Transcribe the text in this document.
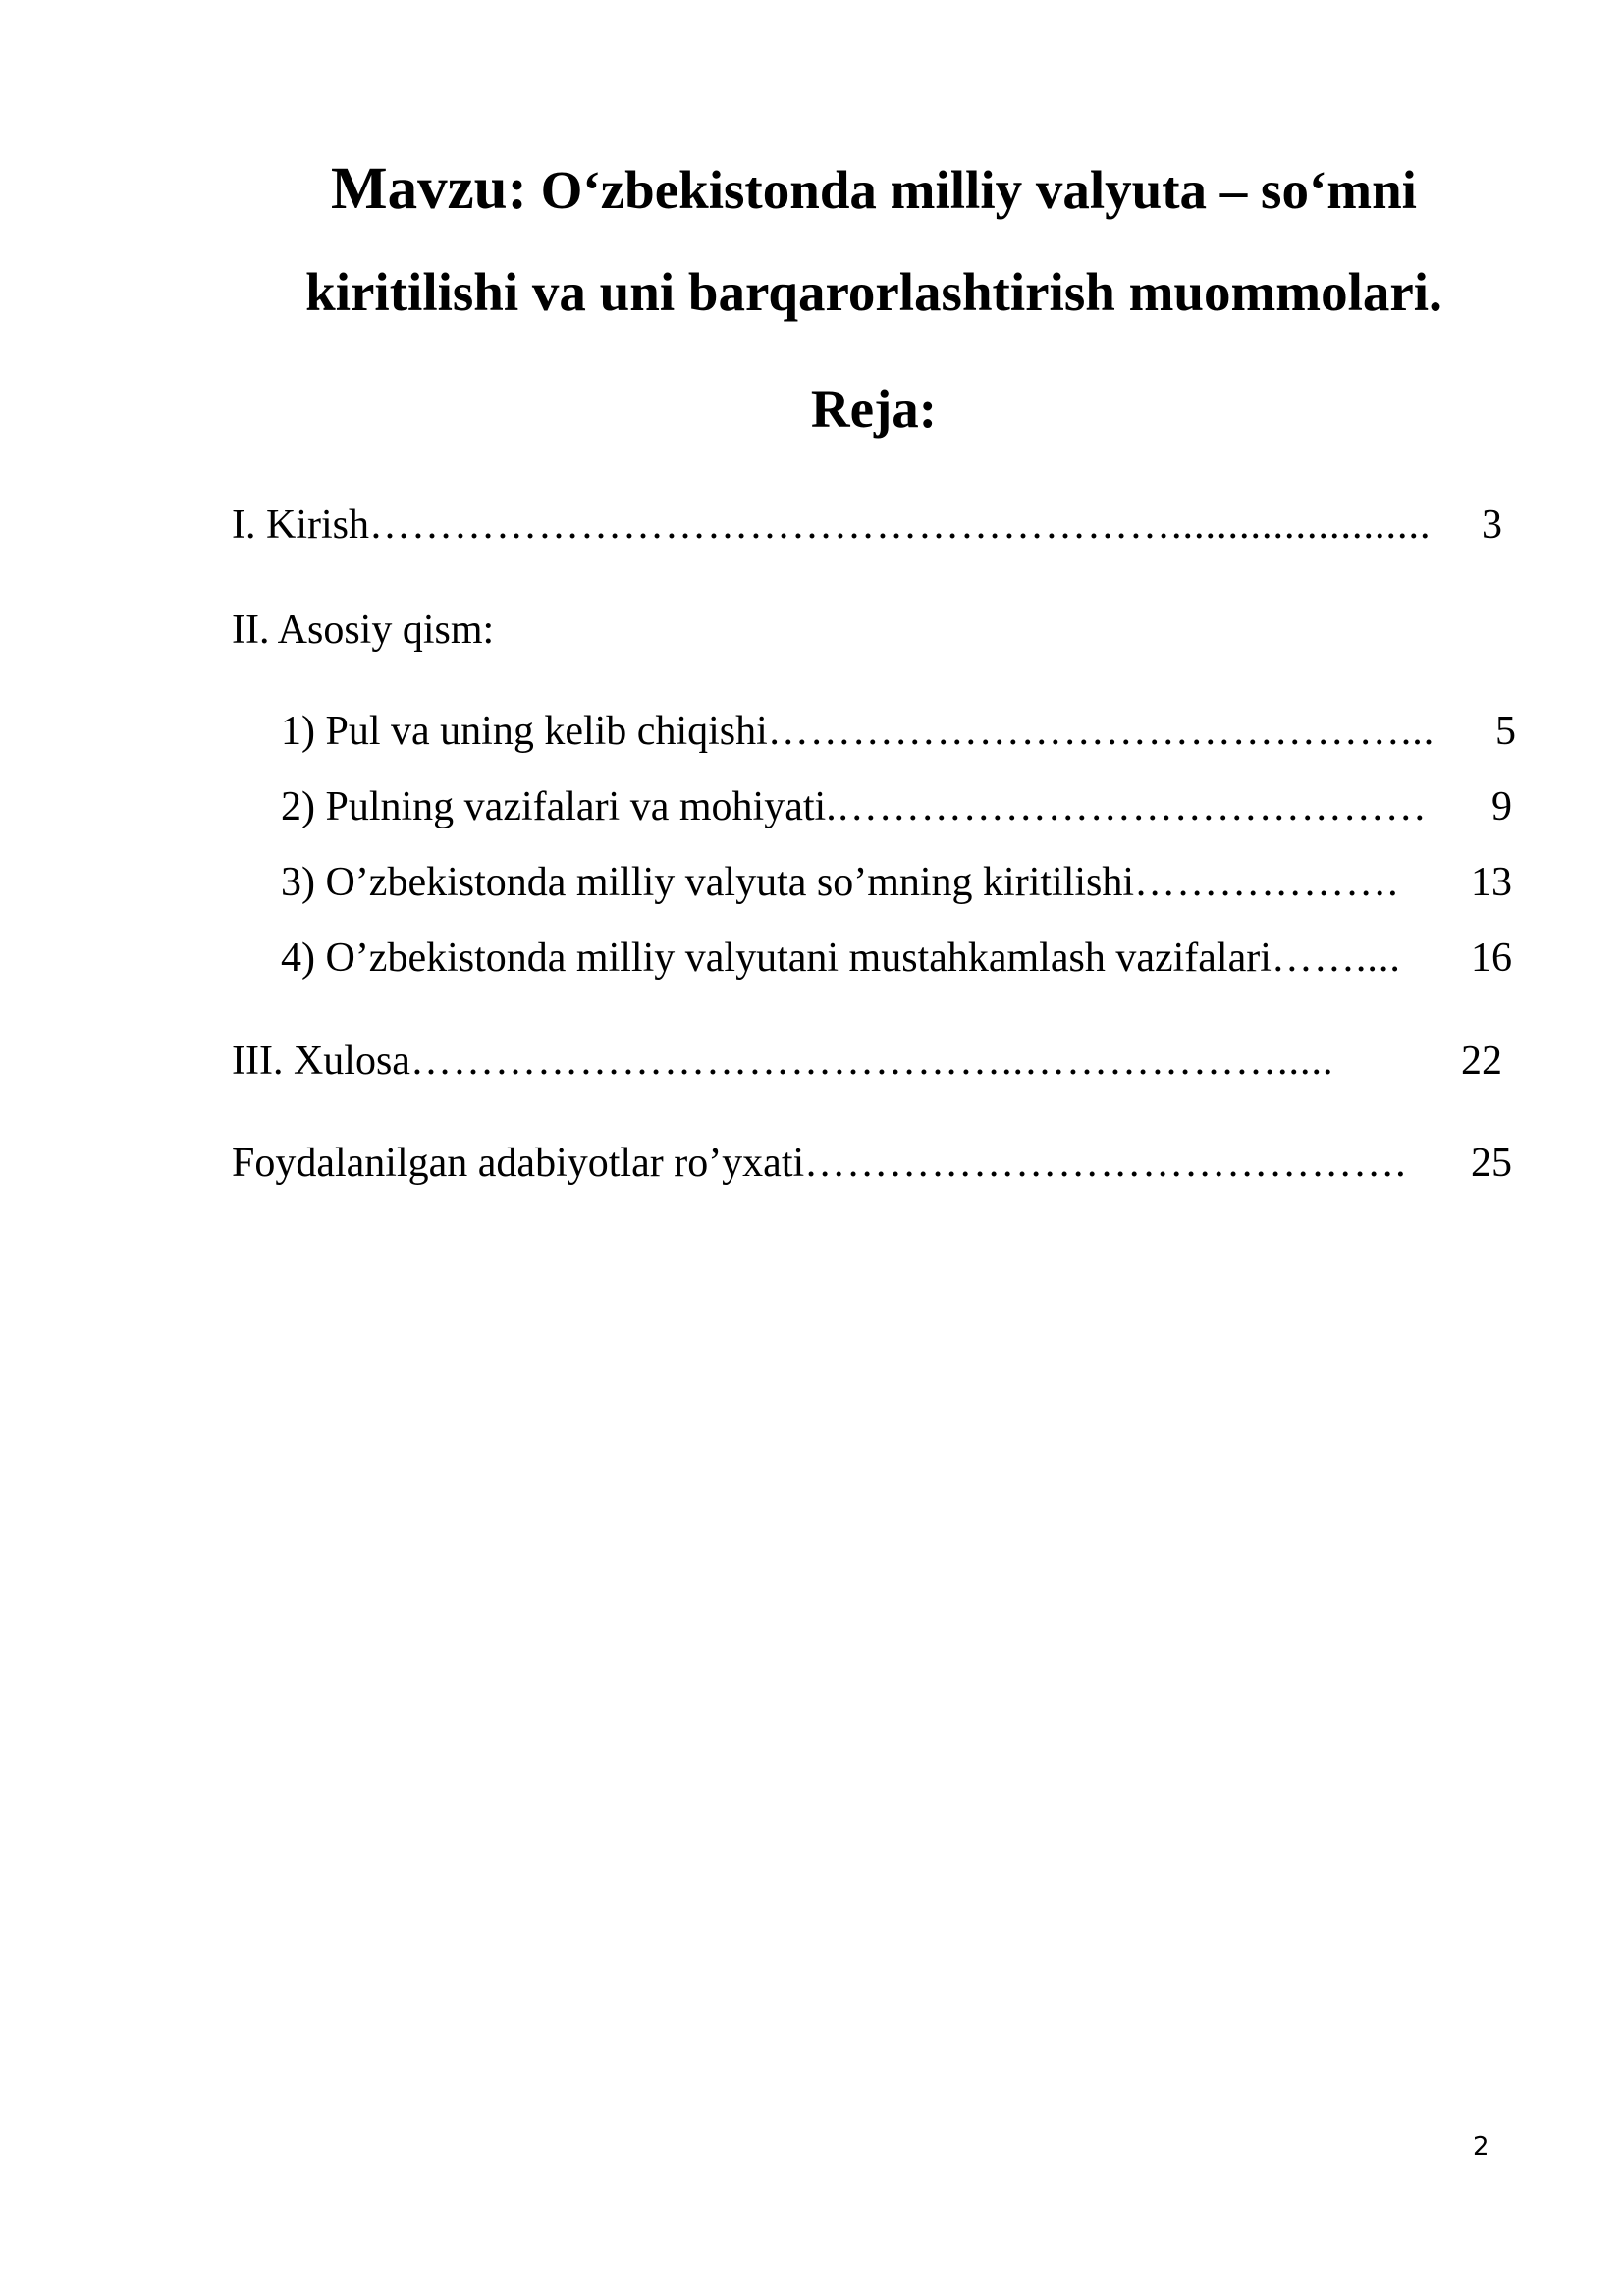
Mavzu: O‘zbekistonda milliy valyuta – so‘mni
kiritilishi va uni barqarorlashtirish muommolari.
Reja:
I. Kirish ………………………………………………….......................	3
II. Asosiy qism:
1) Pul va uning kelib chiqishi ………………………………………...	5
2) Pulning vazifalari va mohiyati. ……………………………………	9
3) O’zbekistonda milliy valyuta so’mning kiritilishi ……………….	13
4) O’zbekistonda milliy valyutani mustahkamlash vazifalari ……....	16
III. Xulosa ……………………………………..……………….....	22
Foydalanilgan adabiyotlar ro’yxati …………………………………….	25
2
